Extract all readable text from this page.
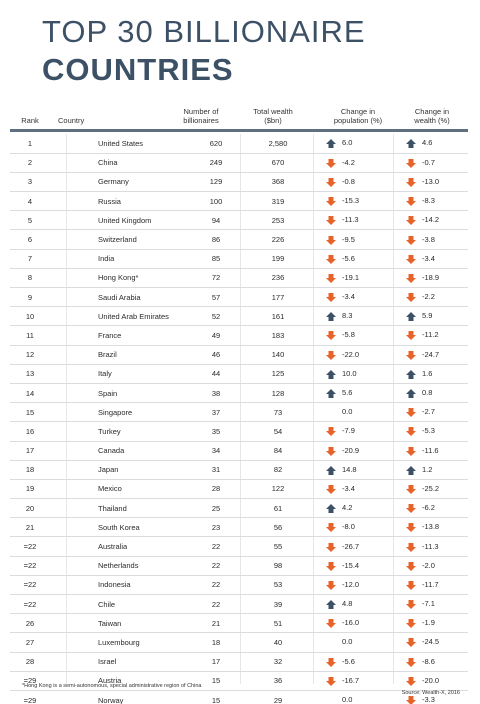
TOP 30 BILLIONAIRE
COUNTRIES
Rank	Country
Number of
billionaires
Total wealth
($bn)
Change in
population (%)
Change in
wealth (%)
1	United States	620	2,580	6.0	4.6

2	China	249	670	-4.2	-0.7

3	Germany	129	368	-0.8	-13.0

4	Russia	100	319	-15.3	-8.3

5	United Kingdom	94	253	-11.3	-14.2

6	Switzerland	86	226	-9.5	-3.8

7	India	85	199	-5.6	-3.4

8	Hong Kong*	72	236	-19.1	-18.9

9	Saudi Arabia	57	177	-3.4	-2.2

10	United Arab Emirates	52	161	8.3	5.9

11	France	49	183	-5.8	-11.2

12	Brazil	46	140	-22.0	-24.7

13	Italy	44	125	10.0	1.6

14	Spain	38	128	5.6	0.8

15	Singapore	37	73	0.0	-2.7

16	Turkey	35	54	-7.9	-5.3

17	Canada	34	84	-20.9	-11.6

18	Japan	31	82	14.8	1.2

19	Mexico	28	122	-3.4	-25.2

20	Thailand	25	61	4.2	-6.2

21	South Korea	23	56	-8.0	-13.8

=22	Australia	22	55	-26.7	-11.3

=22	Netherlands	22	98	-15.4	-2.0

=22	Indonesia	22	53	-12.0	-11.7

=22	Chile	22	39	4.8	-7.1

26	Taiwan	21	51	-16.0	-1.9

27	Luxembourg	18	40	0.0	-24.5

28	Israel	17	32	-5.6	-8.6

=29	Austria	15	36	-16.7	-20.0

=29	Norway	15	29	0.0	-3.3
*Hong Kong is a semi-autonomous, special administrative region of China
Source: Wealth-X, 2016
